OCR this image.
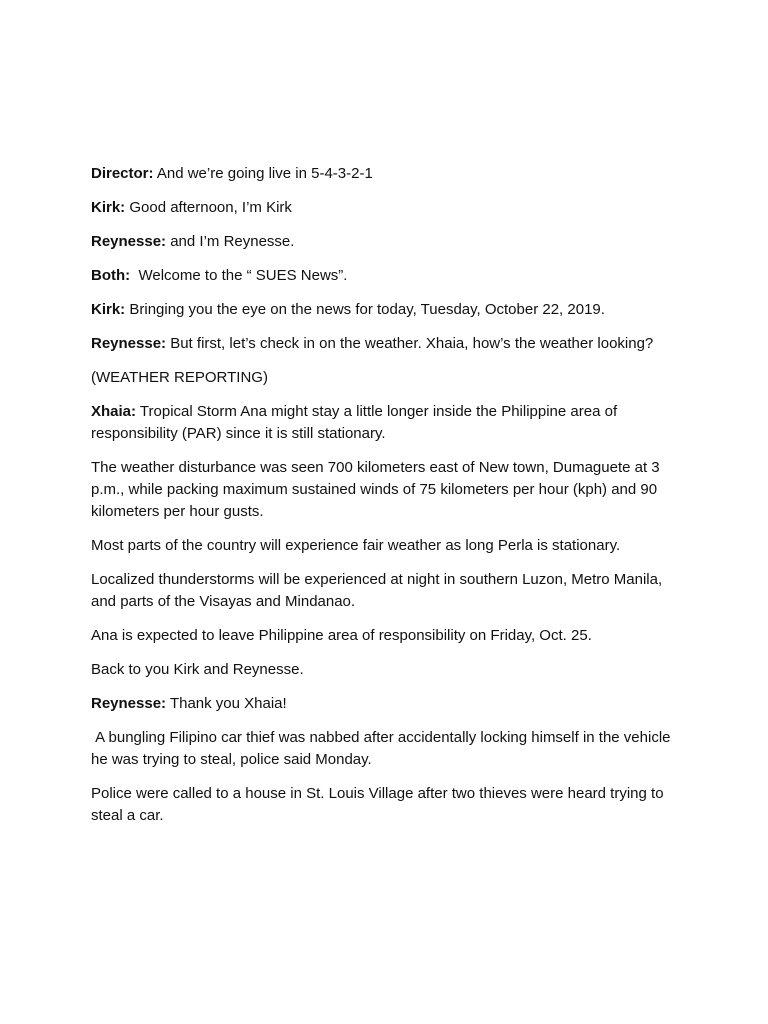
Director: And we’re going live in 5-4-3-2-1

Kirk: Good afternoon, I’m Kirk

Reynesse: and I’m Reynesse.

Both:  Welcome to the “ SUES News”.

Kirk: Bringing you the eye on the news for today, Tuesday, October 22, 2019.

Reynesse: But first, let’s check in on the weather. Xhaia, how’s the weather looking?

(WEATHER REPORTING)

Xhaia: Tropical Storm Ana might stay a little longer inside the Philippine area of responsibility (PAR) since it is still stationary.

The weather disturbance was seen 700 kilometers east of New town, Dumaguete at 3 p.m., while packing maximum sustained winds of 75 kilometers per hour (kph) and 90 kilometers per hour gusts.

Most parts of the country will experience fair weather as long Perla is stationary.

Localized thunderstorms will be experienced at night in southern Luzon, Metro Manila, and parts of the Visayas and Mindanao.

Ana is expected to leave Philippine area of responsibility on Friday, Oct. 25.

Back to you Kirk and Reynesse.

Reynesse: Thank you Xhaia!

A bungling Filipino car thief was nabbed after accidentally locking himself in the vehicle he was trying to steal, police said Monday.

Police were called to a house in St. Louis Village after two thieves were heard trying to steal a car.
